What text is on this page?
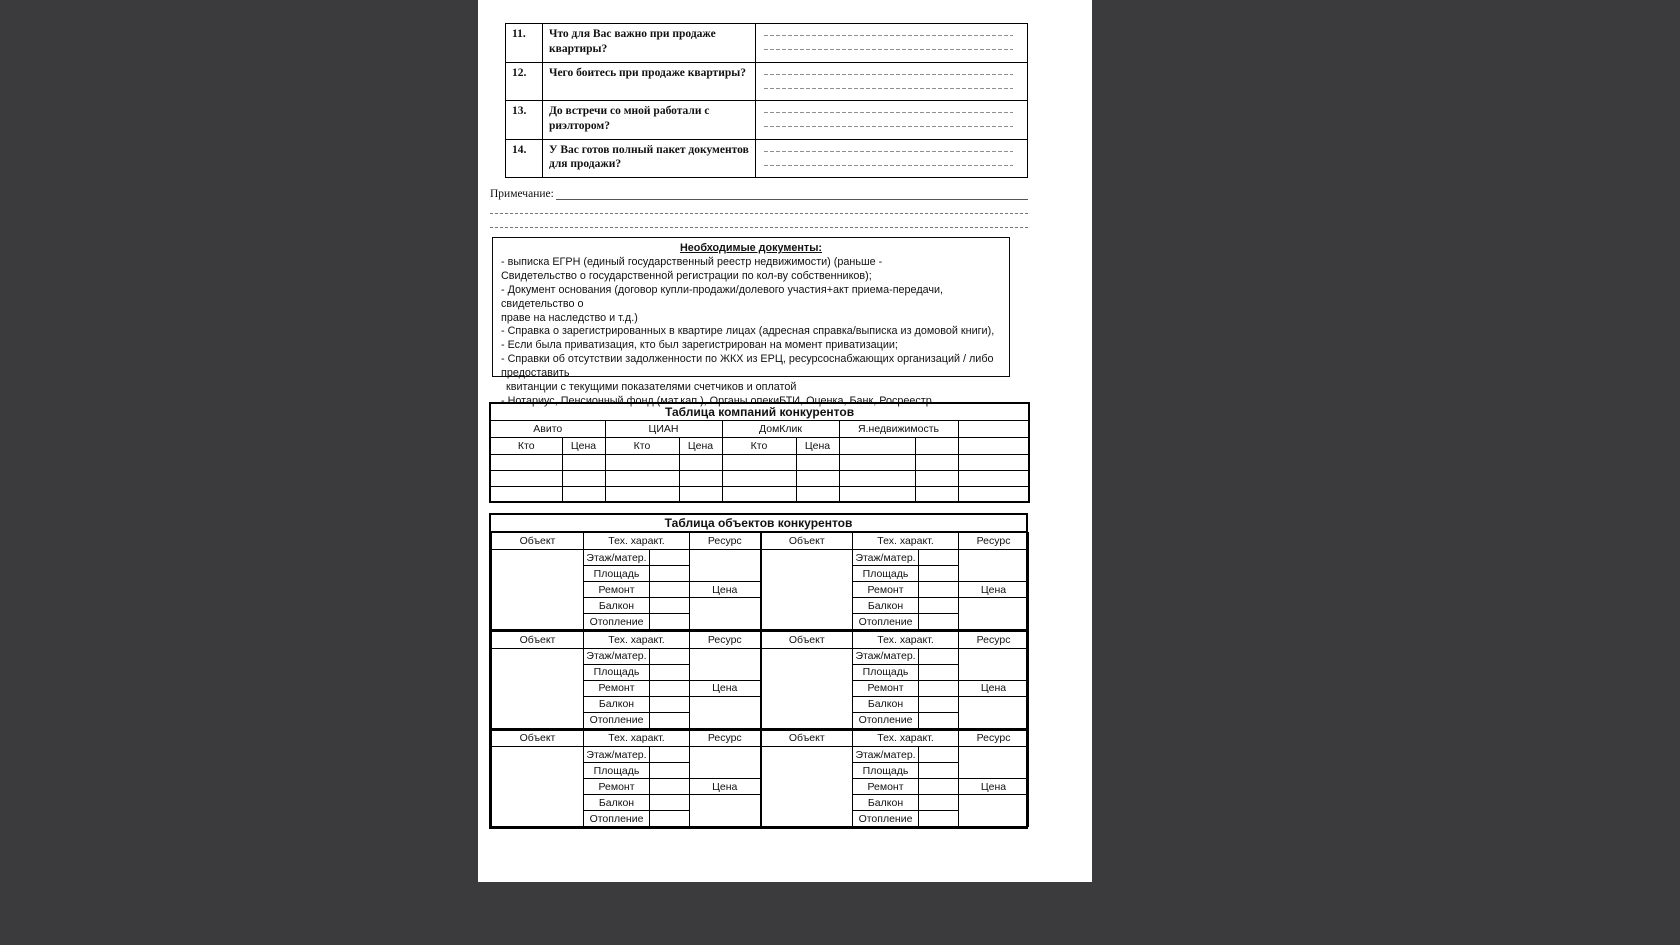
11.	Что для Вас важно при продаже квартиры?	

12.	Чего боитесь при продаже квартиры?	

13.	До встречи со мной работали с риэлтором?	

14.	У Вас готов полный пакет документов для продажи?	
Примечание:
Необходимые документы:
- выписка ЕГРН (единый государственный реестр недвижимости) (раньше -
Свидетельство о государственной регистрации по кол-ву собственников);
- Документ основания (договор купли-продажи/долевого участия+акт приема-передачи, свидетельство о
праве на наследство и т.д.)
- Справка о зарегистрированных в квартире лицах (адресная справка/выписка из домовой книги),
- Если была приватизация, кто был зарегистрирован на момент приватизации;
- Справки об отсутствии задолженности по ЖКХ из ЕРЦ, ресурсоснабжающих организаций / либо предоставить
квитанции с текущими показателями счетчиков и оплатой
- Нотариус, Пенсионный фонд (мат.кап.), Органы опекиБТИ, Оценка, Банк, Росреестр
Таблица компаний конкурентов								
Авито		ЦИАН		ДомКлик		Я.недвижимость		
Кто	Цена	Кто	Цена	Кто	Цена			

Таблица объектов конкурентов
Объект	Тех. характ.		Ресурс	Объект	Тех. характ.		Ресурс
	Этаж/матер.				Этаж/матер.		
	Площадь				Площадь		
	Ремонт		Цена		Ремонт		Цена
	Балкон				Балкон		
	Отопление				Отопление		
Объект	Тех. характ.		Ресурс	Объект	Тех. характ.		Ресурс
	Этаж/матер.				Этаж/матер.		
	Площадь				Площадь		
	Ремонт		Цена		Ремонт		Цена
	Балкон				Балкон		
	Отопление				Отопление		
Объект	Тех. характ.		Ресурс	Объект	Тех. характ.		Ресурс
	Этаж/матер.				Этаж/матер.		
	Площадь				Площадь		
	Ремонт		Цена		Ремонт		Цена
	Балкон				Балкон		
	Отопление				Отопление		
